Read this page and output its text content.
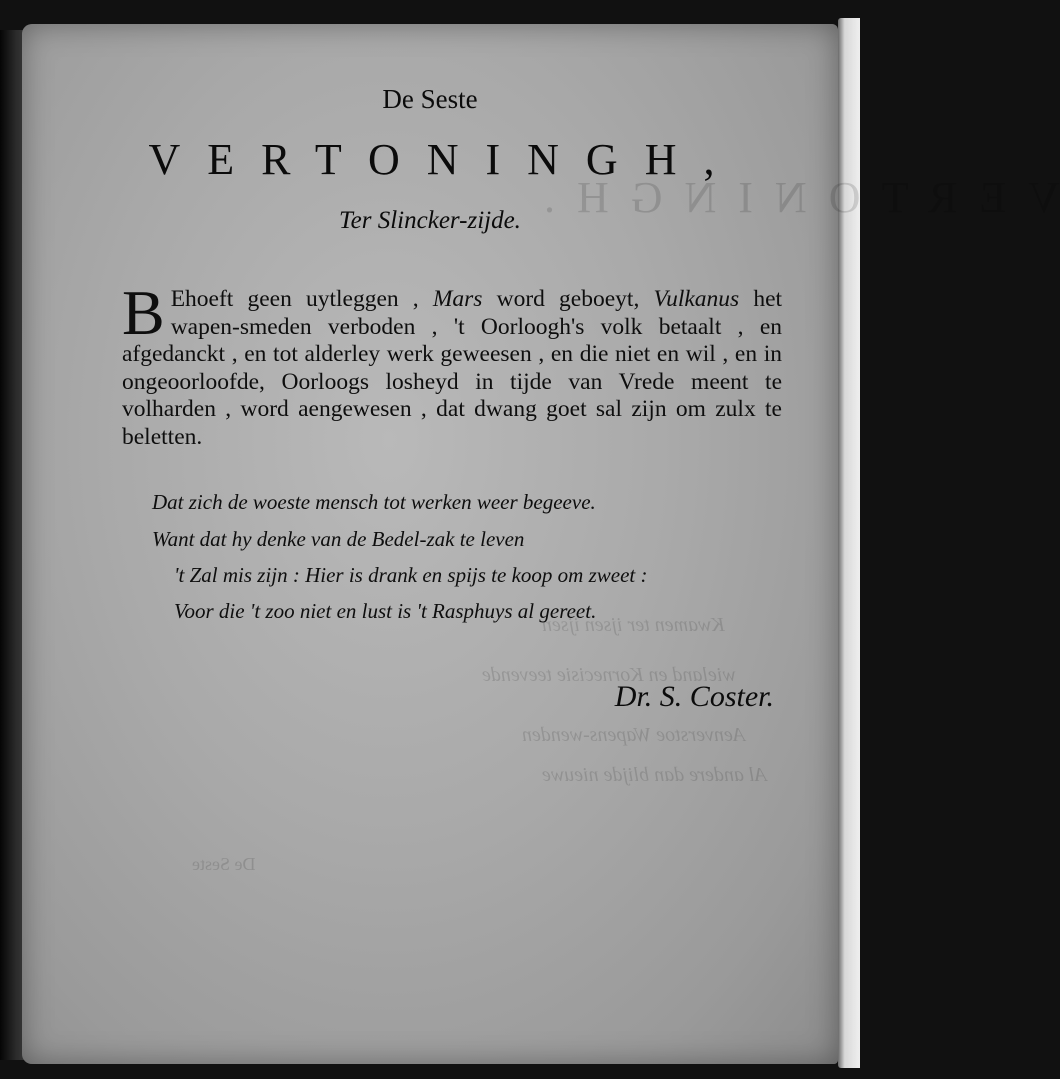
VERTONINGH.
Kwamen ter ijsen ijsen
wieland en Kornecisie teevende
Aenverstoe Wapens-wenden
Al andere dan blijde nieuwe
De Seste
De Seste
VERTONINGH,
Ter Slincker-zijde.
B Ehoeft geen uytleggen , Mars word geboeyt, Vulkanus het wapen-smeden verboden , 't Oorloogh's volk betaalt , en afgedanckt , en tot alderley werk geweesen , en die niet en wil , en in ongeoorloofde, Oorloogs losheyd in tijde van Vrede meent te volharden , word aengewesen , dat dwang goet sal zijn om zulx te beletten.
Dat zich de woeste mensch tot werken weer begeeve.
Want dat hy denke van de Bedel-zak te leven
't Zal mis zijn : Hier is drank en spijs te koop om zweet :
Voor die 't zoo niet en lust is 't Rasphuys al gereet.
Dr. S. Coster.
